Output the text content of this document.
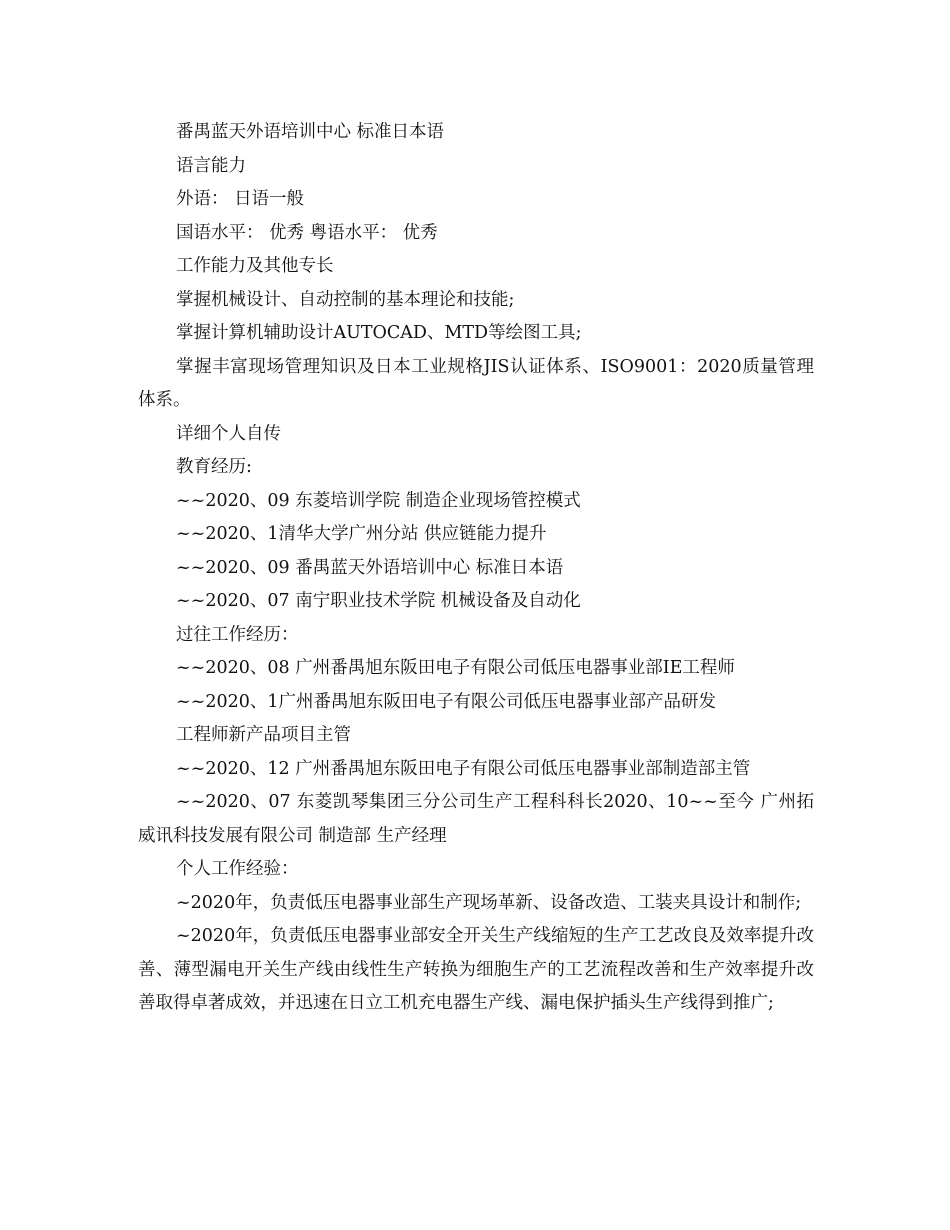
番禺蓝天外语培训中心 标准日本语

语言能力

外语： 日语一般

国语水平： 优秀 粤语水平： 优秀

工作能力及其他专长

掌握机械设计、自动控制的基本理论和技能;

掌握计算机辅助设计AUTOCAD、MTD等绘图工具;

掌握丰富现场管理知识及日本工业规格JIS认证体系、ISO9001：2020质量管理体系。

详细个人自传

教育经历:

~~2020、09 东菱培训学院 制造企业现场管控模式

~~2020、1清华大学广州分站 供应链能力提升

~~2020、09 番禺蓝天外语培训中心 标准日本语

~~2020、07 南宁职业技术学院 机械设备及自动化

过往工作经历：

~~2020、08 广州番禺旭东阪田电子有限公司低压电器事业部IE工程师

~~2020、1广州番禺旭东阪田电子有限公司低压电器事业部产品研发

工程师新产品项目主管

~~2020、12 广州番禺旭东阪田电子有限公司低压电器事业部制造部主管

~~2020、07 东菱凯琴集团三分公司生产工程科科长2020、10~~至今 广州拓威讯科技发展有限公司 制造部 生产经理

个人工作经验：

~2020年，负责低压电器事业部生产现场革新、设备改造、工装夹具设计和制作;

~2020年，负责低压电器事业部安全开关生产线缩短的生产工艺改良及效率提升改善、薄型漏电开关生产线由线性生产转换为细胞生产的工艺流程改善和生产效率提升改善取得卓著成效，并迅速在日立工机充电器生产线、漏电保护插头生产线得到推广;
